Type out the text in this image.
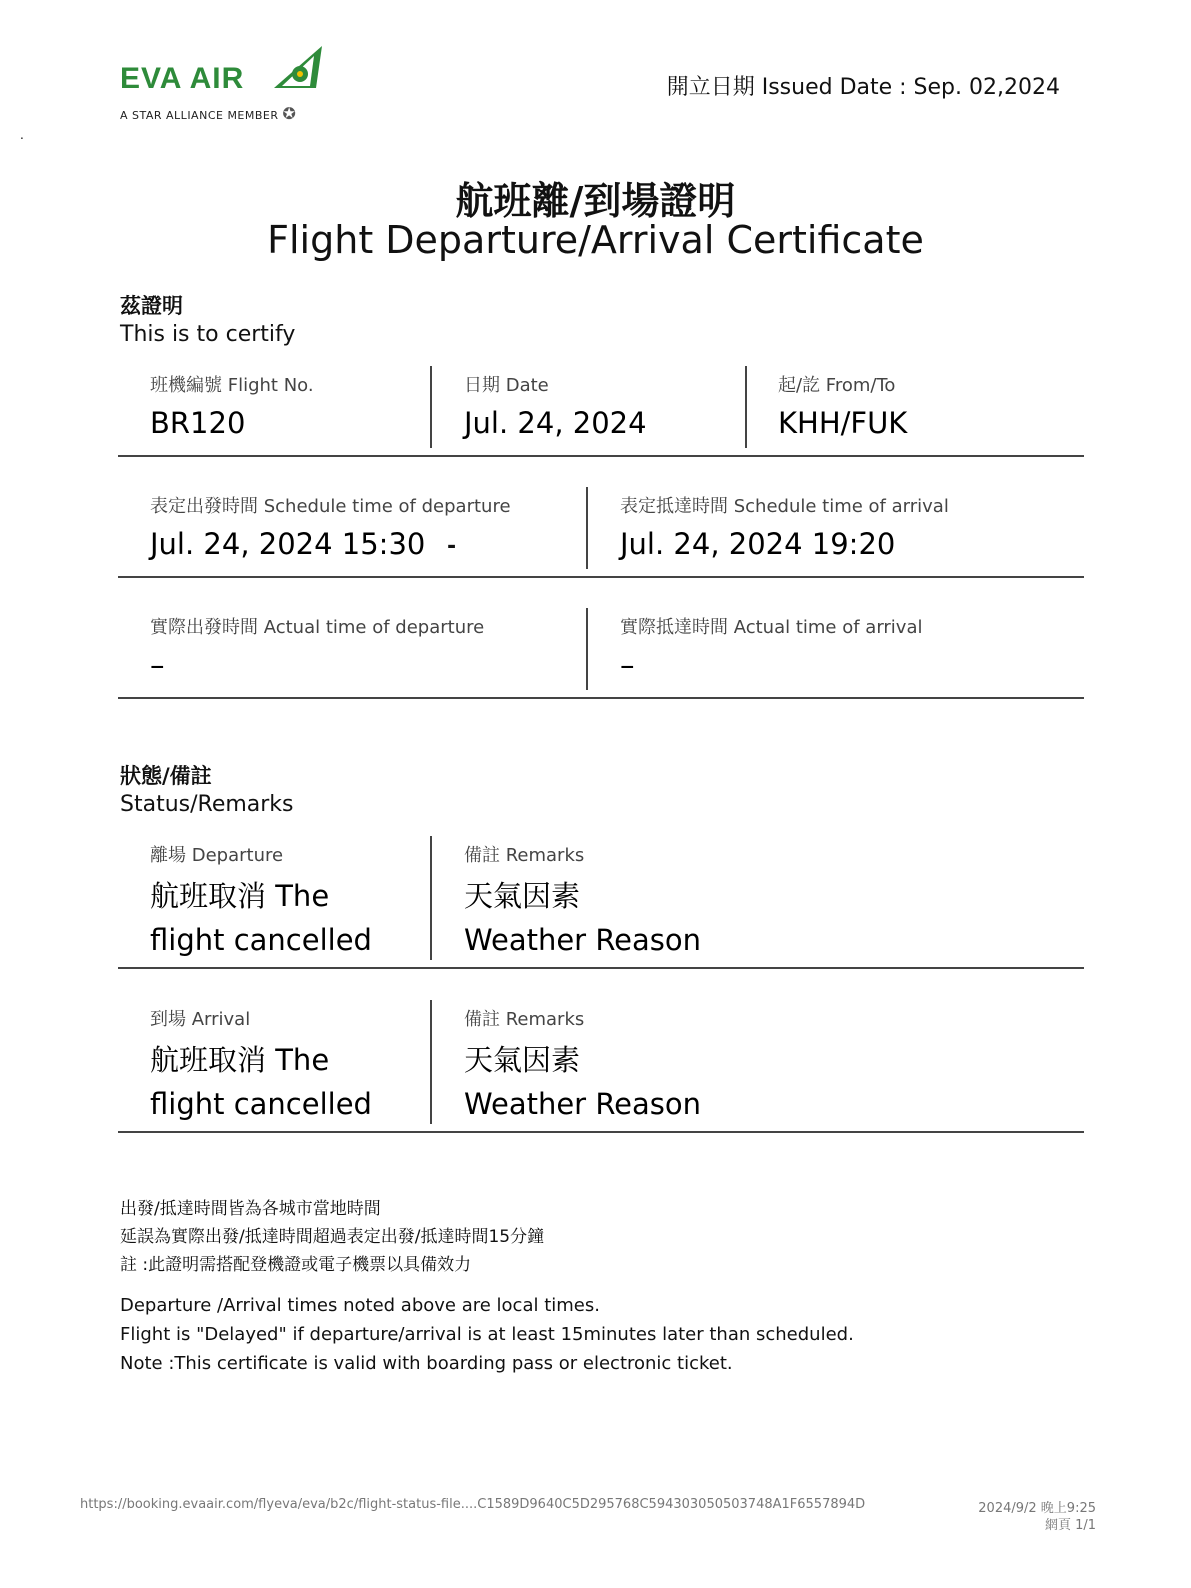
EVA AIR
A STAR ALLIANCE MEMBER ✪
開立日期 Issued Date : Sep. 02,2024
.
航班離/到場證明
Flight Departure/Arrival Certificate
茲證明
This is to certify
班機編號 Flight No.
BR120
日期 Date
Jul. 24, 2024
起/訖 From/To
KHH/FUK
表定出發時間 Schedule time of departure
Jul. 24, 2024 15:30 -
表定抵達時間 Schedule time of arrival
Jul. 24, 2024 19:20
實際出發時間 Actual time of departure
–
實際抵達時間 Actual time of arrival
–
狀態/備註
Status/Remarks
離場 Departure
航班取消 The
flight cancelled
備註 Remarks
天氣因素
Weather Reason
到場 Arrival
航班取消 The
flight cancelled
備註 Remarks
天氣因素
Weather Reason
出發/抵達時間皆為各城市當地時間
延誤為實際出發/抵達時間超過表定出發/抵達時間15分鐘
註 :此證明需搭配登機證或電子機票以具備效力
Departure /Arrival times noted above are local times.
Flight is "Delayed" if departure/arrival is at least 15minutes later than scheduled.
Note :This certificate is valid with boarding pass or electronic ticket.
https://booking.evaair.com/flyeva/eva/b2c/flight-status-file....C1589D9640C5D295768C594303050503748A1F6557894D	2024/9/2 晚上9:25
網頁 1/1
